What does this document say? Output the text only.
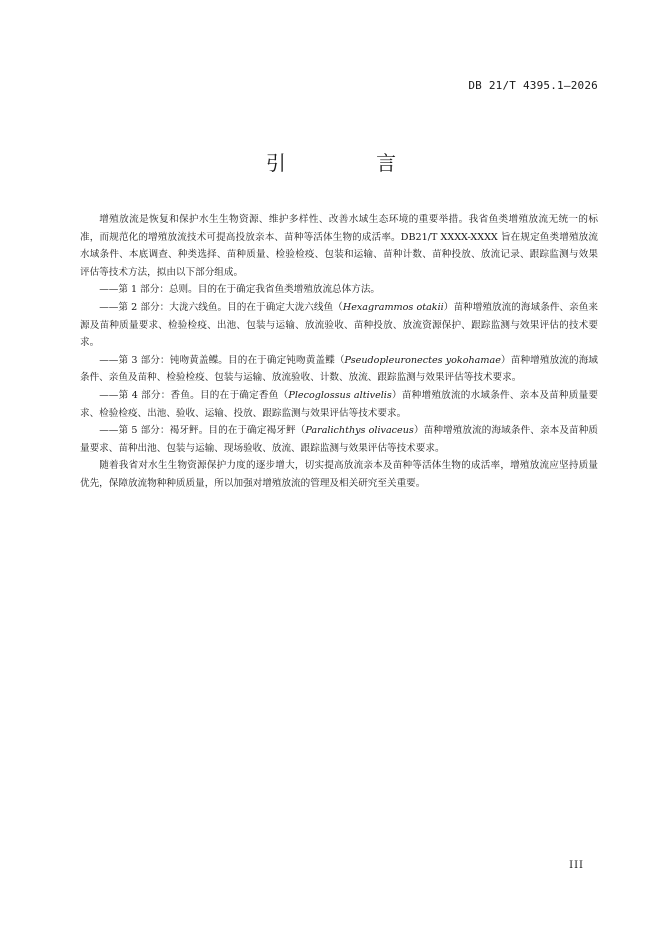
DB 21/T 4395.1—2026
引 言

增殖放流是恢复和保护水生生物资源、维护多样性、改善水域生态环境的重要举措。我省鱼类增殖放流无统一的标准，而规范化的增殖放流技术可提高投放亲本、苗种等活体生物的成活率。DB21/T XXXX-XXXX 旨在规定鱼类增殖放流水域条件、本底调查、种类选择、苗种质量、检验检疫、包装和运输、苗种计数、苗种投放、放流记录、跟踪监测与效果评估等技术方法，拟由以下部分组成。

——第 1 部分：总则。目的在于确定我省鱼类增殖放流总体方法。

——第 2 部分：大泷六线鱼。目的在于确定大泷六线鱼（Hexagrammos otakii）苗种增殖放流的海域条件、亲鱼来源及苗种质量要求、检验检疫、出池、包装与运输、放流验收、苗种投放、放流资源保护、跟踪监测与效果评估的技术要求。

——第 3 部分：钝吻黄盖鲽。目的在于确定钝吻黄盖鲽（Pseudopleuronectes yokohamae）苗种增殖放流的海域条件、亲鱼及苗种、检验检疫、包装与运输、放流验收、计数、放流、跟踪监测与效果评估等技术要求。

——第 4 部分：香鱼。目的在于确定香鱼（Plecoglossus altivelis）苗种增殖放流的水域条件、亲本及苗种质量要求、检验检疫、出池、验收、运输、投放、跟踪监测与效果评估等技术要求。

——第 5 部分：褐牙鲆。目的在于确定褐牙鲆（Paralichthys olivaceus）苗种增殖放流的海域条件、亲本及苗种质量要求、苗种出池、包装与运输、现场验收、放流、跟踪监测与效果评估等技术要求。

随着我省对水生生物资源保护力度的逐步增大，切实提高放流亲本及苗种等活体生物的成活率，增殖放流应坚持质量优先，保障放流物种种质质量，所以加强对增殖放流的管理及相关研究至关重要。

III
